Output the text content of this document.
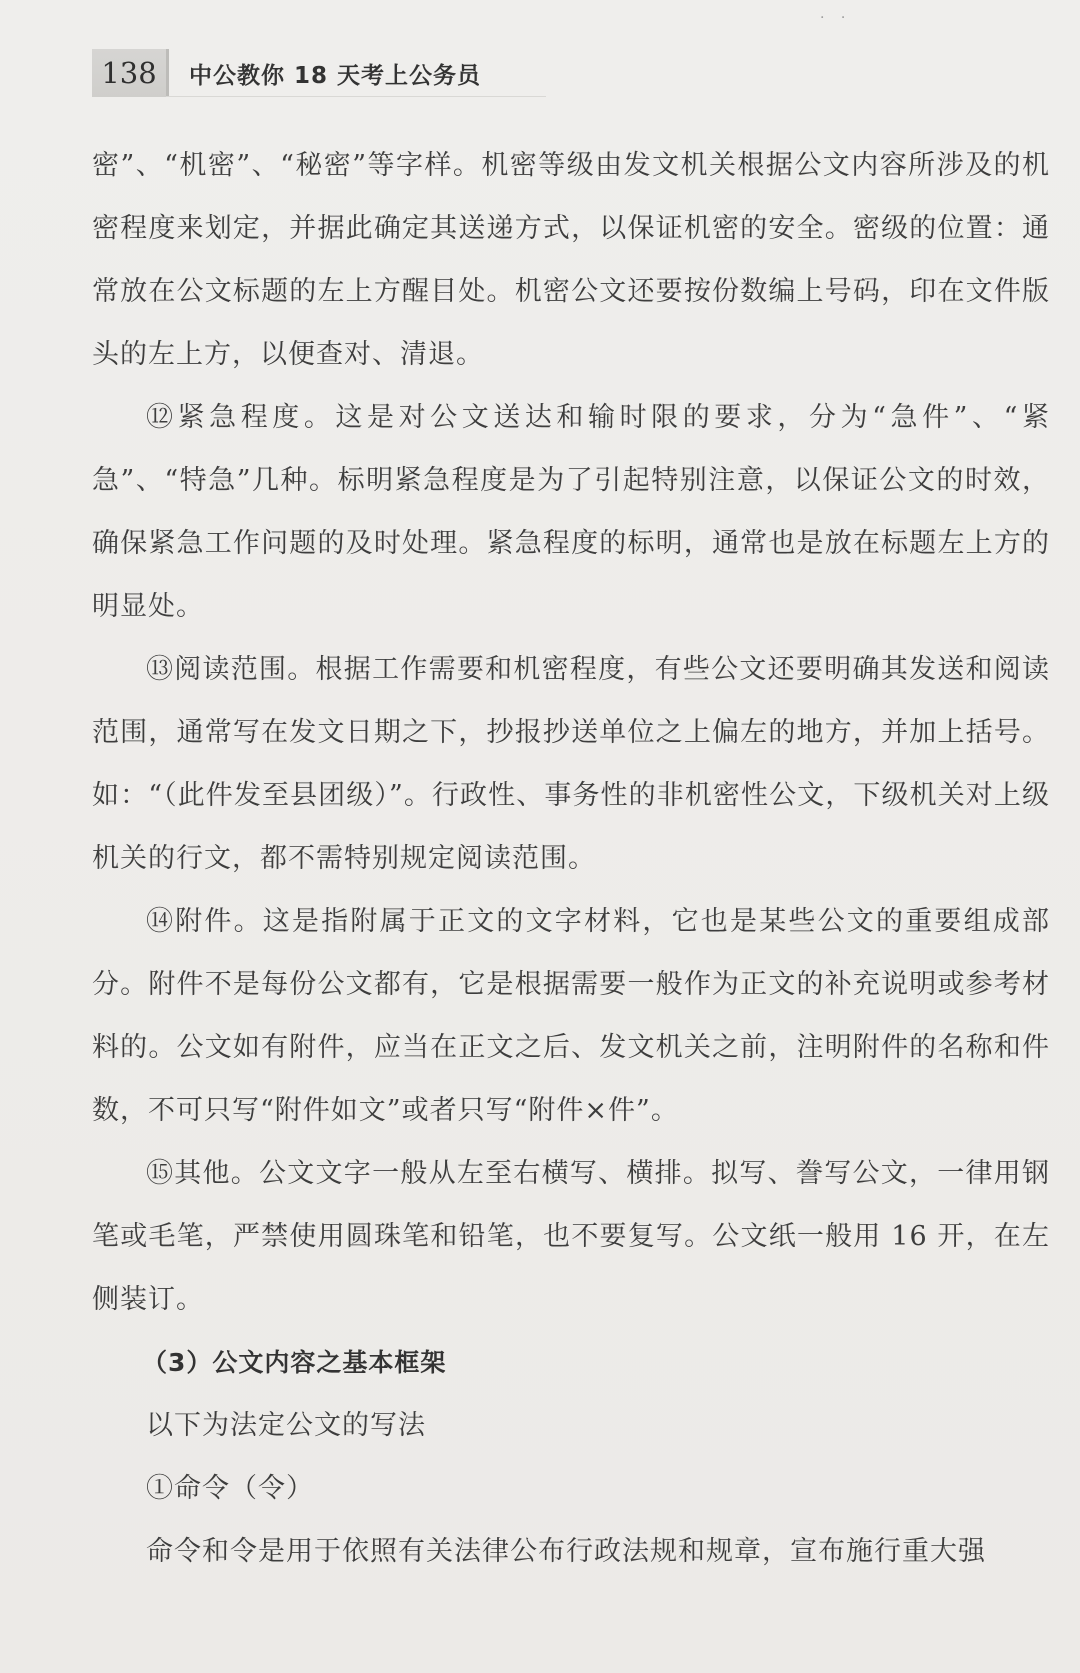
· ·
138	中公教你 18 天考上公务员

密”、“机密”、“秘密”等字样。机密等级由发文机关根据公文内容所涉及的机密程度来划定，并据此确定其送递方式，以保证机密的安全。密级的位置：通常放在公文标题的左上方醒目处。机密公文还要按份数编上号码，印在文件版头的左上方，以便查对、清退。

⑫紧急程度。这是对公文送达和输时限的要求，分为“急件”、“紧急”、“特急”几种。标明紧急程度是为了引起特别注意，以保证公文的时效，确保紧急工作问题的及时处理。紧急程度的标明，通常也是放在标题左上方的明显处。

⑬阅读范围。根据工作需要和机密程度，有些公文还要明确其发送和阅读范围，通常写在发文日期之下，抄报抄送单位之上偏左的地方，并加上括号。如：“（此件发至县团级）”。行政性、事务性的非机密性公文，下级机关对上级机关的行文，都不需特别规定阅读范围。

⑭附件。这是指附属于正文的文字材料，它也是某些公文的重要组成部分。附件不是每份公文都有，它是根据需要一般作为正文的补充说明或参考材料的。公文如有附件，应当在正文之后、发文机关之前，注明附件的名称和件数，不可只写“附件如文”或者只写“附件×件”。

⑮其他。公文文字一般从左至右横写、横排。拟写、誊写公文，一律用钢笔或毛笔，严禁使用圆珠笔和铅笔，也不要复写。公文纸一般用 16 开，在左侧装订。

（3）公文内容之基本框架

以下为法定公文的写法

①命令（令）

命令和令是用于依照有关法律公布行政法规和规章，宣布施行重大强
